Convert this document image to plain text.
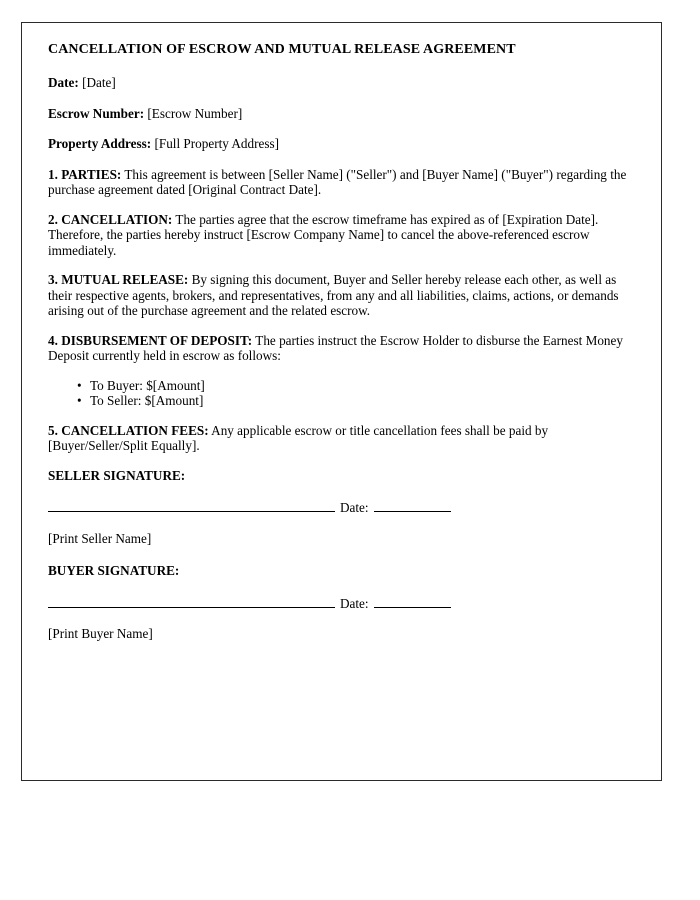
CANCELLATION OF ESCROW AND MUTUAL RELEASE AGREEMENT

Date: [Date]

Escrow Number: [Escrow Number]

Property Address: [Full Property Address]

1. PARTIES: This agreement is between [Seller Name] ("Seller") and [Buyer Name] ("Buyer") regarding the purchase agreement dated [Original Contract Date].

2. CANCELLATION: The parties agree that the escrow timeframe has expired as of [Expiration Date]. Therefore, the parties hereby instruct [Escrow Company Name] to cancel the above-referenced escrow immediately.

3. MUTUAL RELEASE: By signing this document, Buyer and Seller hereby release each other, as well as their respective agents, brokers, and representatives, from any and all liabilities, claims, actions, or demands arising out of the purchase agreement and the related escrow.

4. DISBURSEMENT OF DEPOSIT: The parties instruct the Escrow Holder to disburse the Earnest Money Deposit currently held in escrow as follows:

• To Buyer: $[Amount]
• To Seller: $[Amount]

5. CANCELLATION FEES: Any applicable escrow or title cancellation fees shall be paid by [Buyer/Seller/Split Equally].

SELLER SIGNATURE:

Date:

[Print Seller Name]

BUYER SIGNATURE:

Date:

[Print Buyer Name]
